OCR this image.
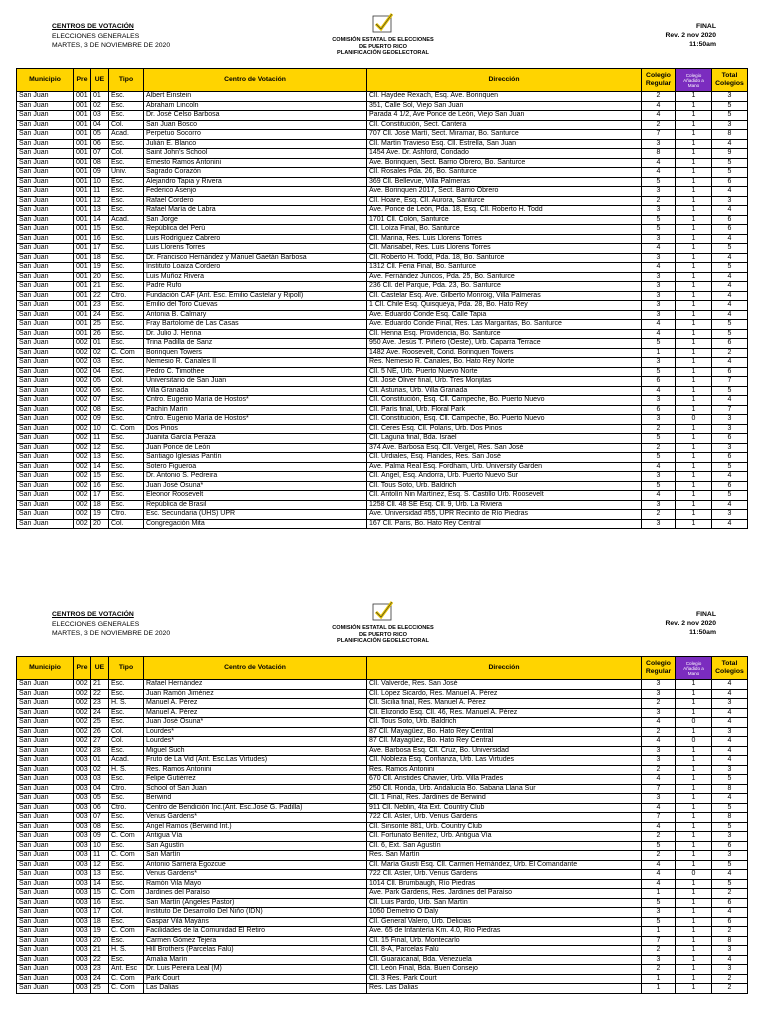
CENTROS DE VOTACIÓN
ELECCIONES GENERALES
MARTES, 3 DE NOVIEMBRE DE 2020
COMISIÓN ESTATAL DE ELECCIONES
DE PUERTO RICO
PLANIFICACIÓN GEOELECTORAL
FINAL
Rev. 2 nov 2020
11:50am
Municipio	Pre	UE	Tipo	Centro de Votación	Dirección	Colegio Regular	Colegio Añadido a Mano	Total Colegios
San Juan	001	01	Esc.	Albert Einstein	Cll. Haydee Rexach, Esq. Ave. Borinquen	2	1	3
San Juan	001	02	Esc.	Abraham Lincoln	351, Calle Sol, Viejo San Juan	4	1	5
San Juan	001	03	Esc.	Dr. José Celso Barbosa	Parada 4 1/2, Ave Ponce de León, Viejo San Juan	4	1	5
San Juan	001	04	Col.	San Juan Bosco	Cll. Constitución, Sect. Cantera	2	1	3
San Juan	001	05	Acad.	Perpetuo Socorro	707 Cll. José Martí, Sect. Miramar, Bo. Santurce	7	1	8
San Juan	001	06	Esc.	Julián E. Blanco	Cll. Martín Travieso Esq. Cll. Estrella, San Juan	3	1	4
San Juan	001	07	Col.	Saint John's School	1454 Ave. Dr. Ashford, Condado	8	1	9
San Juan	001	08	Esc.	Ernesto Ramos Antonini	Ave. Borinquen, Sect. Barrio Obrero, Bo. Santurce	4	1	5
San Juan	001	09	Univ.	Sagrado Corazón	Cll. Rosales Pda. 26, Bo. Santurce	4	1	5
San Juan	001	10	Esc.	Alejandro Tapia y Rivera	369 Cll. Bellevue, Villa Palmeras	5	1	6
San Juan	001	11	Esc.	Federico Asenjo	Ave. Borinquen 2017, Sect. Barrio Obrero	3	1	4
San Juan	001	12	Esc.	Rafael Cordero	Cll. Hoare, Esq. Cll. Aurora, Santurce	2	1	3
San Juan	001	13	Esc.	Rafael María de Labra	Ave. Ponce de León, Pda. 18, Esq. Cll. Roberto H. Todd	3	1	4
San Juan	001	14	Acad.	San Jorge	1701 Cll. Colón, Santurce	5	1	6
San Juan	001	15	Esc.	República del Perú	Cll. Loíza Final, Bo. Santurce	5	1	6
San Juan	001	16	Esc.	Luis Rodríguez Cabrero	Cll. Marina, Res. Luis Llorens Torres	3	1	4
San Juan	001	17	Esc.	Luis Llorens Torres	Cll. Marisabel, Res. Luis Llorens Torres	4	1	5
San Juan	001	18	Esc.	Dr. Francisco Hernández y Manuel Gaetán Barbosa	Cll. Roberto H. Todd, Pda. 18, Bo. Santurce	3	1	4
San Juan	001	19	Esc.	Instituto Loaiza Cordero	1312 Cll. Feria Final, Bo. Santurce	4	1	5
San Juan	001	20	Esc.	Luis Muñoz Rivera	Ave. Fernández Juncos, Pda. 25, Bo. Santurce	3	1	4
San Juan	001	21	Esc.	Padre Rufo	236 Cll. del Parque, Pda. 23, Bo. Santurce	3	1	4
San Juan	001	22	Ctro.	Fundación CAF (Ant. Esc. Emilio Castelar y Ripoll)	Cll. Castelar Esq. Ave. Gilberto Monroig, Villa Palmeras	3	1	4
San Juan	001	23	Esc.	Emilio del Toro Cuevas	1 Cll. Chile Esq. Quisqueya, Pda. 28, Bo. Hato Rey	3	1	4
San Juan	001	24	Esc.	Antonia B. Calmary	Ave. Eduardo Conde Esq. Calle Tapia	3	1	4
San Juan	001	25	Esc.	Fray Bartolomé de Las Casas	Ave. Eduardo Conde Final, Res. Las Margaritas, Bo. Santurce	4	1	5
San Juan	001	26	Esc.	Dr. Julio J. Henna	Cll. Henna Esq. Providencia, Bo. Santurce	4	1	5
San Juan	002	01	Esc.	Trina Padilla de Sanz	950 Ave. Jesús T. Piñero (Oeste), Urb. Caparra Terrace	5	1	6
San Juan	002	02	C. Com	Borinquen Towers	1482 Ave. Roosevelt, Cond. Borinquen Towers	1	1	2
San Juan	002	03	Esc.	Nemesio R. Canales II	Res. Nemesio R. Canales, Bo. Hato Rey Norte	3	1	4
San Juan	002	04	Esc.	Pedro C. Timothee	Cll. 5 NE, Urb. Puerto Nuevo Norte	5	1	6
San Juan	002	05	Col.	Universitario de San Juan	Cll. José Oliver final, Urb. Tres Monjitas	6	1	7
San Juan	002	06	Esc.	Villa Granada	Cll. Asturias, Urb. Villa Granada	4	1	5
San Juan	002	07	Esc.	Cntro. Eugenio María de Hostos*	Cll. Constitución, Esq. Cll. Campeche, Bo. Puerto Nuevo	3	1	4
San Juan	002	08	Esc.	Pachín Marín	Cll. París final, Urb. Floral Park	6	1	7
San Juan	002	09	Esc.	Cntro. Eugenio María de Hostos*	Cll. Constitución, Esq. Cll. Campeche, Bo. Puerto Nuevo	3	0	3
San Juan	002	10	C. Com	Dos Pinos	Cll. Ceres Esq. Cll. Polaris, Urb. Dos Pinos	2	1	3
San Juan	002	11	Esc.	Juanita García Peraza	Cll. Laguna final, Bda. Israel	5	1	6
San Juan	002	12	Esc.	Juan Ponce de León	374 Ave. Barbosa Esq. Cll. Vergel, Res. San José	2	1	3
San Juan	002	13	Esc.	Santiago Iglesias Pantín	Cll. Urdiales, Esq. Flandes, Res. San José	5	1	6
San Juan	002	14	Esc.	Sotero Figueroa	Ave. Palma Real Esq. Fordham, Urb. University Garden	4	1	5
San Juan	002	15	Esc.	Dr. Antonio S. Pedreira	Cll. Ángel, Esq. Andorra, Urb. Puerto Nuevo Sur	3	1	4
San Juan	002	16	Esc.	Juan José Osuna*	Cll. Tous Soto, Urb. Baldrich	5	1	6
San Juan	002	17	Esc.	Eleonor Roosevelt	Cll. Antolín Nin Martínez, Esq. S. Castillo Urb. Roosevelt	4	1	5
San Juan	002	18	Esc.	República de Brasil	1258 Cll. 48 SE Esq. Cll. 9, Urb. La Riviera	3	1	4
San Juan	002	19	Ctro.	Esc. Secundaria (UHS) UPR	Ave. Universidad #55, UPR Recinto de Río Piedras	2	1	3
San Juan	002	20	Col.	Congregación Mita	167 Cll. Paris, Bo. Hato Rey Central	3	1	4
CENTROS DE VOTACIÓN
ELECCIONES GENERALES
MARTES, 3 DE NOVIEMBRE DE 2020
COMISIÓN ESTATAL DE ELECCIONES
DE PUERTO RICO
PLANIFICACIÓN GEOELECTORAL
FINAL
Rev. 2 nov 2020
11:50am
Municipio	Pre	UE	Tipo	Centro de Votación	Dirección	Colegio Regular	Colegio Añadido a Mano	Total Colegios
San Juan	002	21	Esc.	Rafael Hernández	Cll. Valverde, Res. San José	3	1	4
San Juan	002	22	Esc.	Juan Ramón Jiménez	Cll. López Sicardo, Res. Manuel A. Pérez	3	1	4
San Juan	002	23	H. S.	Manuel A. Pérez	Cll. Sicilia final, Res. Manuel A. Pérez	2	1	3
San Juan	002	24	Esc.	Manuel A. Pérez	Cll. Elizondo Esq. Cll. 46, Res. Manuel A. Pérez	3	1	4
San Juan	002	25	Esc.	Juan José Osuna*	Cll. Tous Soto, Urb. Baldrich	4	0	4
San Juan	002	26	Col.	Lourdes*	87 Cll. Mayagüez, Bo. Hato Rey Central	2	1	3
San Juan	002	27	Col.	Lourdes*	87 Cll. Mayagüez, Bo. Hato Rey Central	4	0	4
San Juan	002	28	Esc.	Miguel Such	Ave. Barbosa Esq. Cll. Cruz, Bo. Universidad	3	1	4
San Juan	003	01	Acad.	Fruto de La Vid (Ant. Esc.Las Virtudes)	Cll. Nobleza Esq. Confianza, Urb. Las Virtudes	3	1	4
San Juan	003	02	H. S.	Res. Ramos Antonini	Res. Ramos Antonini	2	1	3
San Juan	003	03	Esc.	Felipe Gutiérrez	670 Cll. Aristides Chavier, Urb. Villa Prades	4	1	5
San Juan	003	04	Ctro.	School of San Juan	250 Cll. Ronda, Urb. Andalucía Bo. Sabana Llana Sur	7	1	8
San Juan	003	05	Esc.	Berwind	Cll. 1 Final, Res. Jardines de Berwind	3	1	4
San Juan	003	06	Ctro.	Centro de Bendición Inc.(Ant. Esc.José G. Padilla)	911 Cll. Neblin, 4ta Ext. Country Club	4	1	5
San Juan	003	07	Esc.	Venus Gardens*	722 Cll. Aster, Urb. Venus Gardens	7	1	8
San Juan	003	08	Esc.	Ángel Ramos (Berwind Int.)	Cll. Sinsonte 881, Urb. Country Club	4	1	5
San Juan	003	09	C. Com	Antigua Vía	Cll. Fortunato Benítez, Urb. Antigua Vía	2	1	3
San Juan	003	10	Esc.	San Agustín	Cll. 6, Ext. San Agustín	5	1	6
San Juan	003	11	C. Com	San Martín	Res. San Martín	2	1	3
San Juan	003	12	Esc.	Antonio Sarriera Egozcue	Cll. María Giusti Esq. Cll. Carmen Hernández, Urb. El Comandante	4	1	5
San Juan	003	13	Esc.	Venus Gardens*	722 Cll. Aster, Urb. Venus Gardens	4	0	4
San Juan	003	14	Esc.	Ramón Vila Mayo	1014 Cll. Brumbaugh, Río Piedras	4	1	5
San Juan	003	15	C. Com	Jardines del Paraíso	Ave. Park Gardens, Res. Jardines del Paraíso	1	1	2
San Juan	003	16	Esc.	San Martín (Ángeles Pastor)	Cll. Luis Pardo, Urb. San Martín	5	1	6
San Juan	003	17	Col.	Instituto De Desarrollo Del Niño (IDN)	1050 Demetrio O Daly	3	1	4
San Juan	003	18	Esc.	Gaspar Vilá Mayáns	Cll. General Valero, Urb. Delicias	5	1	6
San Juan	003	19	C. Com	Facilidades de la Comunidad El Retiro	Ave. 65 de Infantería Km. 4.0, Río Piedras	1	1	2
San Juan	003	20	Esc.	Carmen Gómez Tejera	Cll. 15 Final, Urb. Montecarlo	7	1	8
San Juan	003	21	H. S.	Hill Brothers (Parcelas Falú)	Cll. 8-A, Parcelas Falú	2	1	3
San Juan	003	22	Esc.	Amalia Marín	Cll. Guaraicanal, Bda. Venezuela	3	1	4
San Juan	003	23	Ant. Esc	Dr. Luis Pereira Leal (M)	Cll. León Final, Bda. Buen Consejo	2	1	3
San Juan	003	24	C. Com	Park Court	Cll. 3 Res. Park Court	1	1	2
San Juan	003	25	C. Com	Las Dalias	Res. Las Dalias	1	1	2
